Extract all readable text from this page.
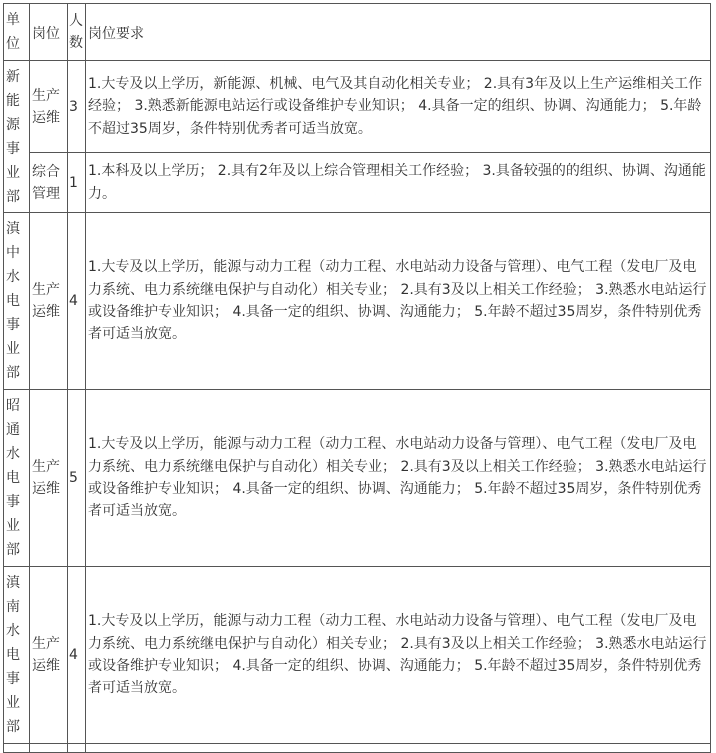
单位	岗位	人数	岗位要求
新能源事业部	生产运维	3	1.大专及以上学历，新能源、机械、电气及其自动化相关专业； 2.具有3年及以上生产运维相关工作经验； 3.熟悉新能源电站运行或设备维护专业知识； 4.具备一定的组织、协调、沟通能力； 5.年龄不超过35周岁，条件特别优秀者可适当放宽。
	综合管理	1	1.本科及以上学历； 2.具有2年及以上综合管理相关工作经验； 3.具备较强的的组织、协调、沟通能力。
滇中水电事业部	生产运维	4	1.大专及以上学历，能源与动力工程（动力工程、水电站动力设备与管理）、电气工程（发电厂及电力系统、电力系统继电保护与自动化）相关专业； 2.具有3及以上相关工作经验； 3.熟悉水电站运行或设备维护专业知识； 4.具备一定的组织、协调、沟通能力； 5.年龄不超过35周岁，条件特别优秀者可适当放宽。
昭通水电事业部	生产运维	5	1.大专及以上学历，能源与动力工程（动力工程、水电站动力设备与管理）、电气工程（发电厂及电力系统、电力系统继电保护与自动化）相关专业； 2.具有3及以上相关工作经验； 3.熟悉水电站运行或设备维护专业知识； 4.具备一定的组织、协调、沟通能力； 5.年龄不超过35周岁，条件特别优秀者可适当放宽。
滇南水电事业部	生产运维	4	1.大专及以上学历，能源与动力工程（动力工程、水电站动力设备与管理）、电气工程（发电厂及电力系统、电力系统继电保护与自动化）相关专业； 2.具有3及以上相关工作经验； 3.熟悉水电站运行或设备维护专业知识； 4.具备一定的组织、协调、沟通能力； 5.年龄不超过35周岁，条件特别优秀者可适当放宽。
